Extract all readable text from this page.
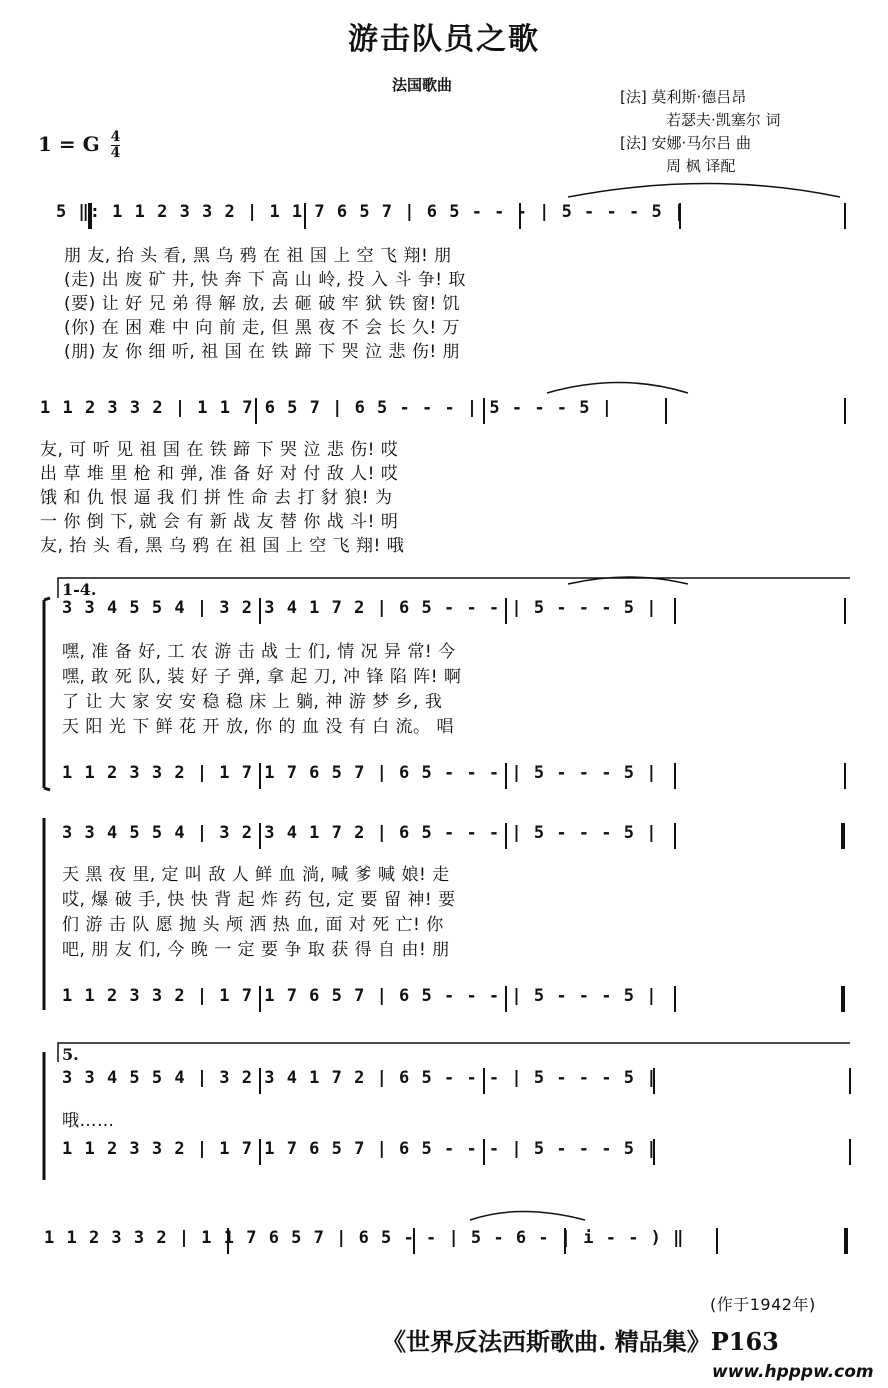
游击队员之歌
法国歌曲
[法] 莫利斯·德吕昂
若瑟夫·凯塞尔 词
[法] 安娜·马尔吕 曲
周 枫 译配
1 = G $\frac{4}{4}$
5 ‖: 1 1 2 3 3 2 | 1 1 7 6 5 7 | 6 5 - - - | 5 - - - 5 |
朋 友, 抬 头 看, 黑 乌 鸦 在 祖 国 上 空 飞 翔! 朋
(走) 出 废 矿 井, 快 奔 下 高 山 岭, 投 入 斗 争! 取
(要) 让 好 兄 弟 得 解 放, 去 砸 破 牢 狱 铁 窗! 饥
(你) 在 困 难 中 向 前 走, 但 黑 夜 不 会 长 久! 万
(朋) 友 你 细 听, 祖 国 在 铁 蹄 下 哭 泣 悲 伤! 朋
1 1 2 3 3 2 | 1 1 7 6 5 7 | 6 5 - - - | 5 - - - 5 |
友, 可 听 见 祖 国 在 铁 蹄 下 哭 泣 悲 伤! 哎
出 草 堆 里 枪 和 弹, 准 备 好 对 付 敌 人! 哎
饿 和 仇 恨 逼 我 们 拼 性 命 去 打 豺 狼! 为
一 你 倒 下, 就 会 有 新 战 友 替 你 战 斗! 明
友, 抬 头 看, 黑 乌 鸦 在 祖 国 上 空 飞 翔! 哦
1-4.
3 3 4 5 5 4 | 3 2 3 4 1 7 2 | 6 5 - - - | 5 - - - 5 |
嘿, 准 备 好, 工 农 游 击 战 士 们, 情 况 异 常! 今
嘿, 敢 死 队, 装 好 子 弹, 拿 起 刀, 冲 锋 陷 阵! 啊
了 让 大 家 安 安 稳 稳 床 上 躺, 神 游 梦 乡, 我
天 阳 光 下 鲜 花 开 放, 你 的 血 没 有 白 流。 唱
1 1 2 3 3 2 | 1 7 1 7 6 5 7 | 6 5 - - - | 5 - - - 5 |
3 3 4 5 5 4 | 3 2 3 4 1 7 2 | 6 5 - - - | 5 - - - 5 |
天 黑 夜 里, 定 叫 敌 人 鲜 血 淌, 喊 爹 喊 娘! 走
哎, 爆 破 手, 快 快 背 起 炸 药 包, 定 要 留 神! 要
们 游 击 队 愿 抛 头 颅 洒 热 血, 面 对 死 亡! 你
吧, 朋 友 们, 今 晚 一 定 要 争 取 获 得 自 由! 朋
1 1 2 3 3 2 | 1 7 1 7 6 5 7 | 6 5 - - - | 5 - - - 5 |
5.
3 3 4 5 5 4 | 3 2 3 4 1 7 2 | 6 5 - - - | 5 - - - 5 |
哦……
1 1 2 3 3 2 | 1 7 1 7 6 5 7 | 6 5 - - - | 5 - - - 5 |
1 1 2 3 3 2 | 1 1 7 6 5 7 | 6 5 - - | 5 - 6 - | i - - ) ‖
(作于1942年)
《世界反法西斯歌曲. 精品集》P163
www.hpppw.com
